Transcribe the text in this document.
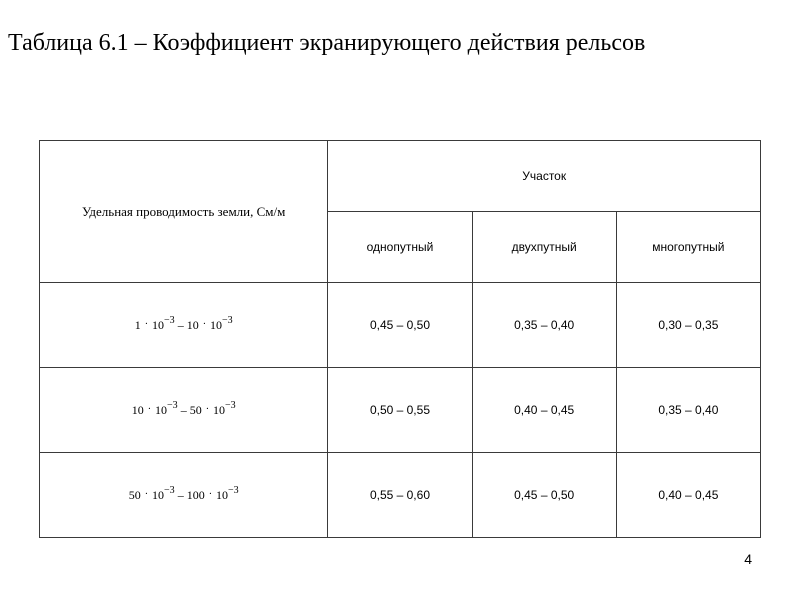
Таблица 6.1 – Коэффициент экранирующего действия рельсов
Удельная проводимость земли, См/м	Участок		
	однопутный	двухпутный	многопутный
$1 \cdot 10^{-3} - 10 \cdot 10^{-3}$	0,45 – 0,50	0,35 – 0,40	0,30 – 0,35
$10 \cdot 10^{-3} - 50 \cdot 10^{-3}$	0,50 – 0,55	0,40 – 0,45	0,35 – 0,40
$50 \cdot 10^{-3} - 100 \cdot 10^{-3}$	0,55 – 0,60	0,45 – 0,50	0,40 – 0,45
4
